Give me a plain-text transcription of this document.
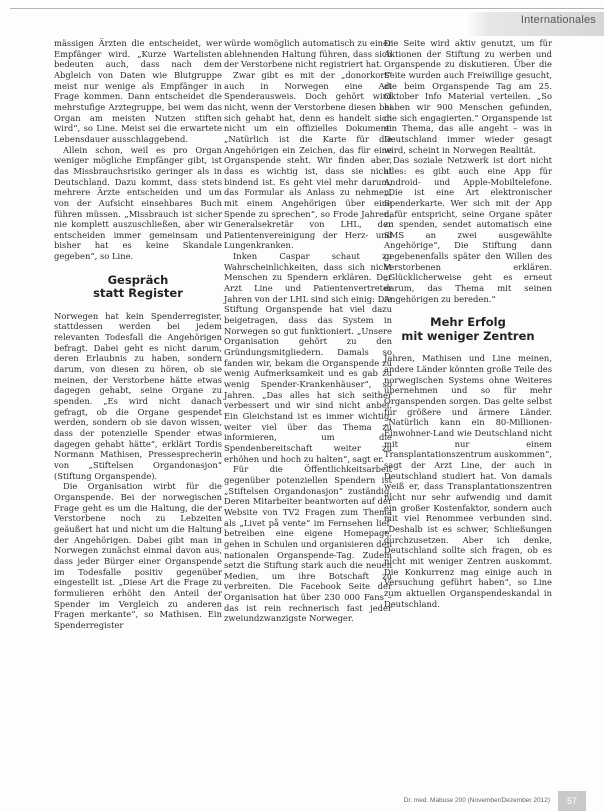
Internationales

mässigen Ärzten die entscheidet, wer Empfänger wird. „Kurze Wartelisten bedeuten auch, dass nach dem Abgleich von Daten wie Blutgruppe meist nur wenige als Empfänger in Frage kommen. Dann entscheidet die mehrstufige Arztegruppe, bei wem das Organ am meisten Nutzen stiften wird“, so Line. Meist sei die erwartete Lebensdauer ausschlaggebend.

Allein schon, weil es pro Organ weniger mögliche Empfänger gibt, ist das Missbrauchsrisiko geringer als in Deutschland. Dazu kommt, dass stets mehrere Ärzte entscheiden und um von der Aufsicht einsehbares Buch führen müssen. „Missbrauch ist sicher nie komplett auszuschließen, aber wir entscheiden immer gemeinsam und bisher hat es keine Skandale gegeben“, so Line.

Gespräch
statt Register

Norwegen hat kein Spenderregister, stattdessen werden bei jedem relevanten Todesfall die Angehörigen befragt. Dabei geht es nicht darum, deren Erlaubnis zu haben, sondern darum, von diesen zu hören, ob sie meinen, der Verstorbene hätte etwas dagegen gehabt, seine Organe zu spenden. „Es wird nicht danach gefragt, ob die Organe gespendet werden, sondern ob sie davon wissen, dass der potenzielle Spender etwas dagegen gehabt hätte“, erklärt Tordis Normann Mathisen, Pressesprecherin von „Stiftelsen Organdonasjon“ (Stiftung Organspende).

Die Organisation wirbt für die Organspende. Bei der norwegischen Frage geht es um die Haltung, die der Verstorbene noch zu Lebzeiten geäußert hat und nicht um die Haltung der Angehörigen. Dabei gibt man in Norwegen zunächst einmal davon aus, dass jeder Bürger einer Organspende im Todesfalle positiv gegenüber eingestellt ist. „Diese Art die Frage zu formulieren erhöht den Anteil der Spender im Vergleich zu anderen Fragen merkante“, so Mathisen. Ein Spenderregister

würde womöglich automatisch zu einer ablehnenden Haltung führen, dass sich der Verstorbene nicht registriert hat.

Zwar gibt es mit der „donorkort“ auch in Norwegen eine Art Spenderausweis. Doch gehört wird nicht, wenn der Verstorbene diesen bei sich gehabt hat, denn es handelt sich nicht um ein offizielles Dokument. „Natürlich ist die Karte für die Angehörigen ein Zeichen, das für eine Organspende steht. Wir finden aber, dass es wichtig ist, dass sie nicht bindend ist. Es geht viel mehr darum, das Formular als Anlass zu nehmen, mit einem Angehörigen über eine Spende zu sprechen“, so Frode Jahren, Generalsekretär von LHL, der Patientenvereinigung der Herz- und Lungenkranken.

Inken Caspar schaut zu Wahrscheinlichkeiten, dass sich nicht Menschen zu Spendern erklären. Der Arzt Line und Patientenvertreter Jahren von der LHL sind sich einig: Die Stiftung Organspende hat viel dazu beigetragen, dass das System in Norwegen so gut funktioniert. „Unsere Organisation gehört zu den Gründungsmitgliedern. Damals so fanden wir, bekam die Organspende zu wenig Aufmerksamkeit und es gab zu wenig Spender-Krankenhäuser“, so Jahren. „Das alles hat sich seither verbessert und wir sind nicht anbei. Ein Gleichstand ist es immer wichtig, weiter viel über das Thema zu informieren, um die Spendenbereitschaft weiter zu erhöhen und hoch zu halten“, sagt er.

Für die Öffentlichkeitsarbeit gegenüber potenziellen Spendern ist „Stiftelsen Organdonasjon“ zuständig. Deren Mitarbeiter beantworten auf der Website von TV2 Fragen zum Thema als „Livet på vente“ im Fernsehen lief, betreiben eine eigene Homepage, gehen in Schulen und organisieren den nationalen Organspende-Tag. Zudem setzt die Stiftung stark auch die neuen Medien, um ihre Botschaft zu verbreiten. Die Facebook Seite der Organisation hat über 230 000 Fans – das ist rein rechnerisch fast jeder zweiundzwanzigste Norweger.

Die Seite wird aktiv genutzt, um für Aktionen der Stiftung zu werben und Organspende zu diskutieren. Über die Seite wurden auch Freiwillige gesucht, die beim Organspende Tag am 25. Oktober Info Material verteilen. „So haben wir 900 Menschen gefunden, die sich engagierten.“ Organspende ist ein Thema, das alle angeht – was in Deutschland immer wieder gesagt wird, scheint in Norwegen Realität.

Das soziale Netzwerk ist dort nicht alles: es gibt auch eine App für Android- und Apple-Mobiltelefone. „Die ist eine Art elektronischer Spenderkarte. Wer sich mit der App dafür entspricht, seine Organe später zu spenden, sendet automatisch eine SMS an zwei ausgewählte Angehörige“, Die Stiftung dann gegebenenfalls später den Willen des Verstorbenen erklären. „Glücklicherweise geht es erneut darum, das Thema mit seinen Angehörigen zu bereden.“

Mehr Erfolg
mit weniger Zentren

Jahren, Mathisen und Line meinen, andere Länder könnten große Teile des norwegischen Systems ohne Weiteres übernehmen und so für mehr Organspenden sorgen. Das gelte selbst für größere und ärmere Länder. „Natürlich kann ein 80-Millionen-Einwohner-Land wie Deutschland nicht mit nur einem Transplantationszentrum auskommen“, sagt der Arzt Line, der auch in Deutschland studiert hat. Von damals weiß er, dass Transplantationszentren nicht nur sehr aufwendig und damit ein großer Kostenfaktor, sondern auch mit viel Renommee verbunden sind. „Deshalb ist es schwer, Schließungen durchzusetzen. Aber ich denke, Deutschland sollte sich fragen, ob es nicht mit weniger Zentren auskommt. Die Konkurrenz mag einige auch in Versuchung geführt haben“, so Line zum aktuellen Organspendeskandal in Deutschland.

Dr. med. Mabuse 200 (November/Dezember 2012)	57
